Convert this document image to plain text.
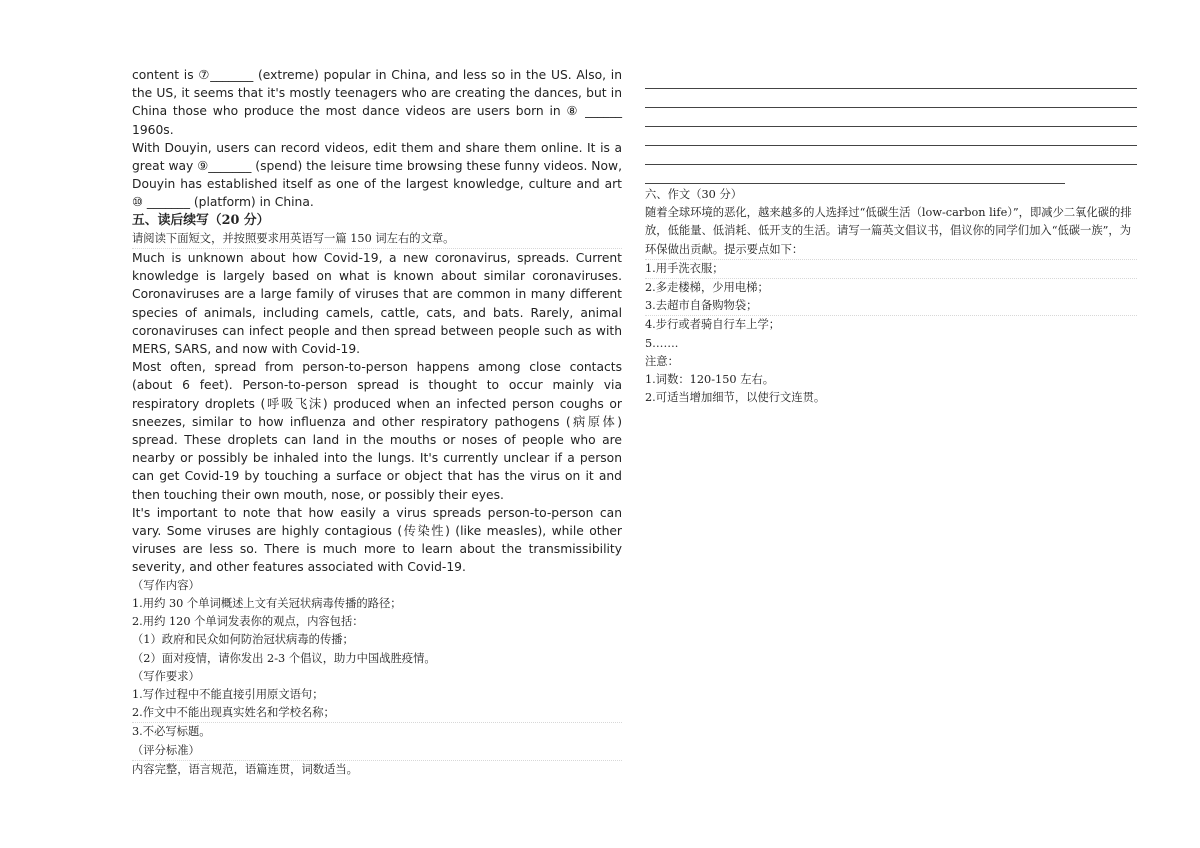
content is ⑦_______ (extreme) popular in China, and less so in the US. Also, in the US, it seems that it's mostly teenagers who are creating the dances, but in China those who produce the most dance videos are users born in ⑧ ______ 1960s.

With Douyin, users can record videos, edit them and share them online. It is a great way ⑨_______ (spend) the leisure time browsing these funny videos. Now, Douyin has established itself as one of the largest knowledge, culture and art ⑩ _______ (platform) in China.

五、读后续写（20 分）

请阅读下面短文，并按照要求用英语写一篇 150 词左右的文章。

Much is unknown about how Covid-19, a new coronavirus, spreads. Current knowledge is largely based on what is known about similar coronaviruses. Coronaviruses are a large family of viruses that are common in many different species of animals, including camels, cattle, cats, and bats. Rarely, animal coronaviruses can infect people and then spread between people such as with MERS, SARS, and now with Covid-19.

Most often, spread from person-to-person happens among close contacts (about 6 feet). Person-to-person spread is thought to occur mainly via respiratory droplets (呼吸飞沫) produced when an infected person coughs or sneezes, similar to how influenza and other respiratory pathogens (病原体) spread. These droplets can land in the mouths or noses of people who are nearby or possibly be inhaled into the lungs. It's currently unclear if a person can get Covid-19 by touching a surface or object that has the virus on it and then touching their own mouth, nose, or possibly their eyes.

It's important to note that how easily a virus spreads person-to-person can vary. Some viruses are highly contagious (传染性) (like measles), while other viruses are less so. There is much more to learn about the transmissibility severity, and other features associated with Covid-19.

（写作内容）

1.用约 30 个单词概述上文有关冠状病毒传播的路径；

2.用约 120 个单词发表你的观点，内容包括：

（1）政府和民众如何防治冠状病毒的传播；

（2）面对疫情，请你发出 2-3 个倡议，助力中国战胜疫情。

（写作要求）

1.写作过程中不能直接引用原文语句；

2.作文中不能出现真实姓名和学校名称；

3.不必写标题。

（评分标准）

内容完整，语言规范，语篇连贯，词数适当。

六、作文（30 分）

随着全球环境的恶化，越来越多的人选择过“低碳生活（low-carbon life）”，即减少二氧化碳的排放，低能量、低消耗、低开支的生活。请写一篇英文倡议书，倡议你的同学们加入“低碳一族”，为环保做出贡献。提示要点如下：

1.用手洗衣服；

2.多走楼梯，少用电梯；

3.去超市自备购物袋；

4.步行或者骑自行车上学；

5…….

注意：

1.词数：120-150 左右。

2.可适当增加细节，以使行文连贯。
